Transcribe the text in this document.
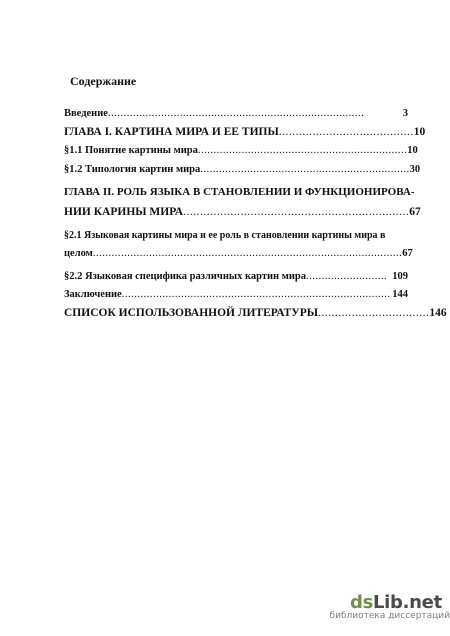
Содержание
Введение ..................................................................................	3
ГЛАВА I. КАРТИНА МИРА И ЕЕ ТИПЫ ........................................ 10
§1.1 Понятие картины мира ................................................................... 10
§1.2 Типология картин мира ................................................................... 30
ГЛАВА II. РОЛЬ ЯЗЫКА В СТАНОВЛЕНИИ И ФУНКЦИОНИРОВА-
НИИ КАРИНЫ МИРА ................................................................... 67
§2.1 Языковая картины мира и ее роль в становлении картины мира в
целом ................................................................................................... 67
§2.2 Языковая специфика различных картин мира .......................... 109
Заключение ...................................................................................... 144
СПИСОК ИСПОЛЬЗОВАННОЙ ЛИТЕРАТУРЫ ................................. 146
dsLib.net
библиотека диссертаций
